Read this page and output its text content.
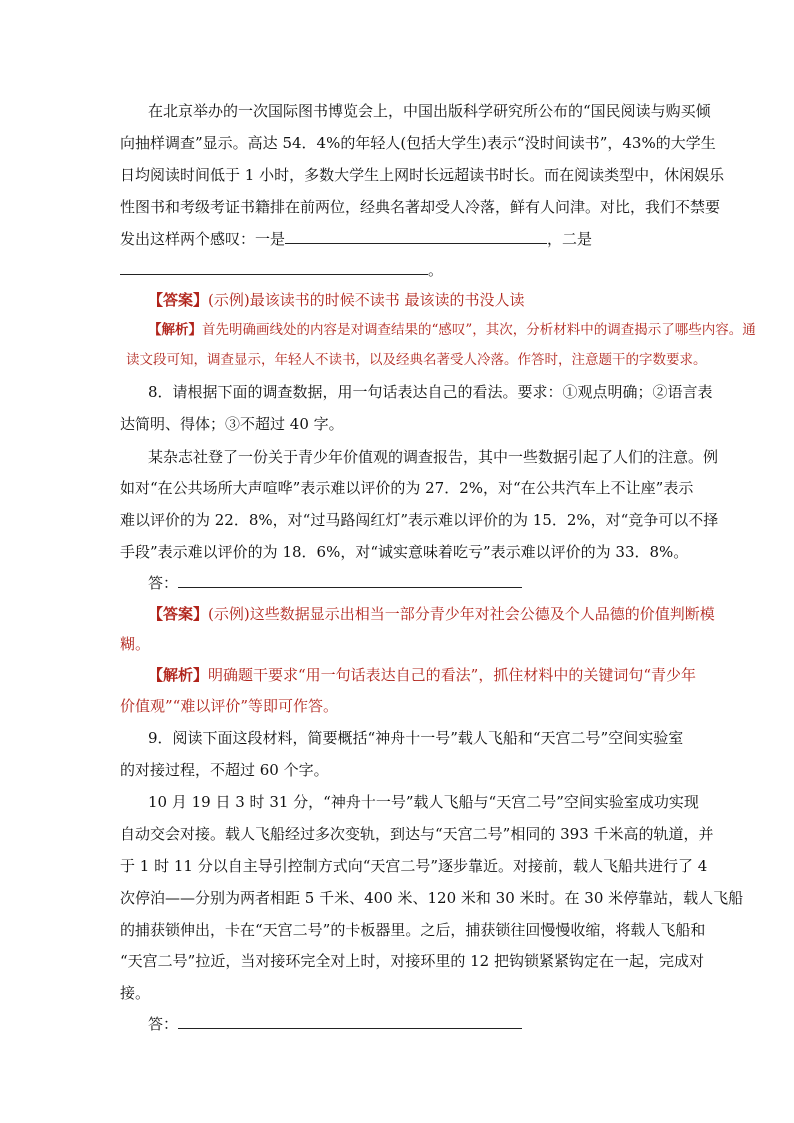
在北京举办的一次国际图书博览会上，中国出版科学研究所公布的“国民阅读与购买倾
向抽样调查”显示。高达 54．4%的年轻人(包括大学生)表示“没时间读书”，43%的大学生
日均阅读时间低于 1 小时，多数大学生上网时长远超读书时长。而在阅读类型中，休闲娱乐
性图书和考级考证书籍排在前两位，经典名著却受人冷落，鲜有人问津。对比，我们不禁要
发出这样两个感叹：一是	，二是
。
【答案】(示例)最该读书的时候不读书 最该读的书没人读
【解析】首先明确画线处的内容是对调查结果的“感叹”，其次，分析材料中的调查揭示了哪些内容。通
读文段可知，调查显示，年轻人不读书，以及经典名著受人冷落。作答时，注意题干的字数要求。
8．请根据下面的调查数据，用一句话表达自己的看法。要求：①观点明确；②语言表
达简明、得体；③不超过 40 字。
某杂志社登了一份关于青少年价值观的调查报告，其中一些数据引起了人们的注意。例
如对“在公共场所大声喧哗”表示难以评价的为 27．2%，对“在公共汽车上不让座”表示
难以评价的为 22．8%，对“过马路闯红灯”表示难以评价的为 15．2%，对“竞争可以不择
手段”表示难以评价的为 18．6%，对“诚实意味着吃亏”表示难以评价的为 33．8%。
答：
【答案】(示例)这些数据显示出相当一部分青少年对社会公德及个人品德的价值判断模
糊。
【解析】明确题干要求“用一句话表达自己的看法”，抓住材料中的关键词句“青少年
价值观”“难以评价”等即可作答。
9．阅读下面这段材料，简要概括“神舟十一号”载人飞船和“天宫二号”空间实验室
的对接过程，不超过 60 个字。
10 月 19 日 3 时 31 分，“神舟十一号”载人飞船与“天宫二号”空间实验室成功实现
自动交会对接。载人飞船经过多次变轨，到达与“天宫二号”相同的 393 千米高的轨道，并
于 1 时 11 分以自主导引控制方式向“天宫二号”逐步靠近。对接前，载人飞船共进行了 4
次停泊——分别为两者相距 5 千米、400 米、120 米和 30 米时。在 30 米停靠站，载人飞船
的捕获锁伸出，卡在“天宫二号”的卡板器里。之后，捕获锁往回慢慢收缩，将载人飞船和
“天宫二号”拉近，当对接环完全对上时，对接环里的 12 把钩锁紧紧钩定在一起，完成对
接。
答：
